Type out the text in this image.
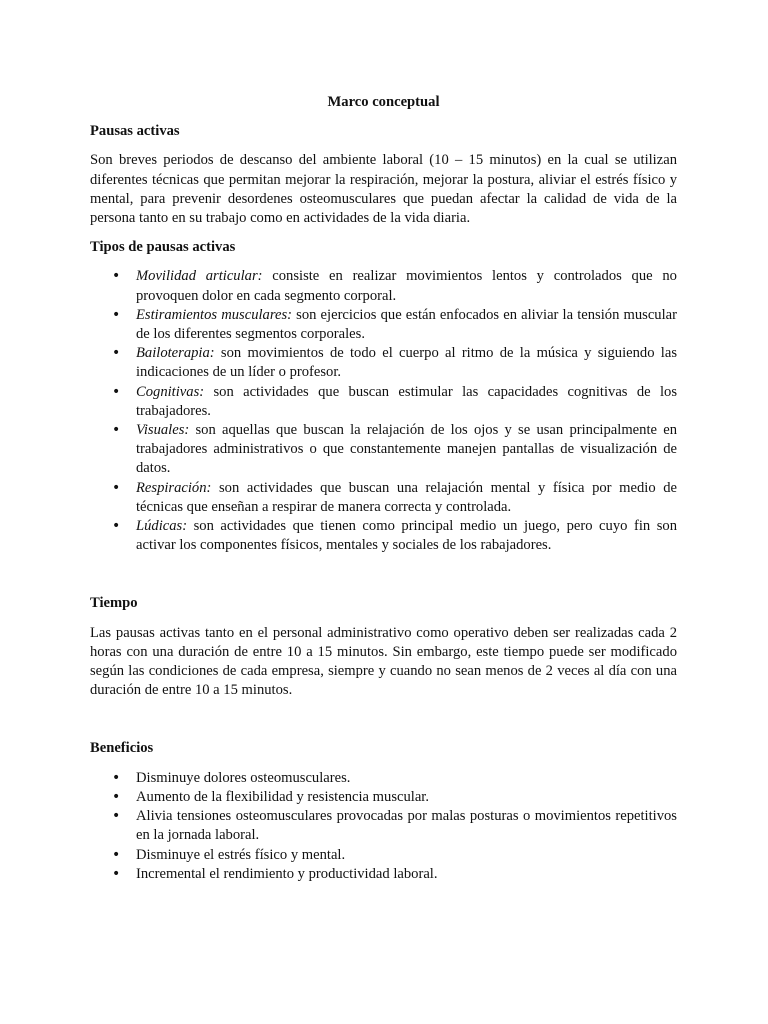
Marco conceptual
Pausas activas

Son breves periodos de descanso del ambiente laboral (10 – 15 minutos) en la cual se utilizan diferentes técnicas que permitan mejorar la respiración, mejorar la postura, aliviar el estrés físico y mental, para prevenir desordenes osteomusculares que puedan afectar la calidad de vida de la persona tanto en su trabajo como en actividades de la vida diaria.

Tipos de pausas activas
• Movilidad articular: consiste en realizar movimientos lentos y controlados que no provoquen dolor en cada segmento corporal.
• Estiramientos musculares: son ejercicios que están enfocados en aliviar la tensión muscular de los diferentes segmentos corporales.
• Bailoterapia: son movimientos de todo el cuerpo al ritmo de la música y siguiendo las indicaciones de un líder o profesor.
• Cognitivas: son actividades que buscan estimular las capacidades cognitivas de los trabajadores.
• Visuales: son aquellas que buscan la relajación de los ojos y se usan principalmente en trabajadores administrativos o que constantemente manejen pantallas de visualización de datos.
• Respiración: son actividades que buscan una relajación mental y física por medio de técnicas que enseñan a respirar de manera correcta y controlada.
• Lúdicas: son actividades que tienen como principal medio un juego, pero cuyo fin son activar los componentes físicos, mentales y sociales de los rabajadores.
Tiempo

Las pausas activas tanto en el personal administrativo como operativo deben ser realizadas cada 2 horas con una duración de entre 10 a 15 minutos. Sin embargo, este tiempo puede ser modificado según las condiciones de cada empresa, siempre y cuando no sean menos de 2 veces al día con una duración de entre 10 a 15 minutos.

Beneficios
• Disminuye dolores osteomusculares.
• Aumento de la flexibilidad y resistencia muscular.
• Alivia tensiones osteomusculares provocadas por malas posturas o movimientos repetitivos en la jornada laboral.
• Disminuye el estrés físico y mental.
• Incremental el rendimiento y productividad laboral.
